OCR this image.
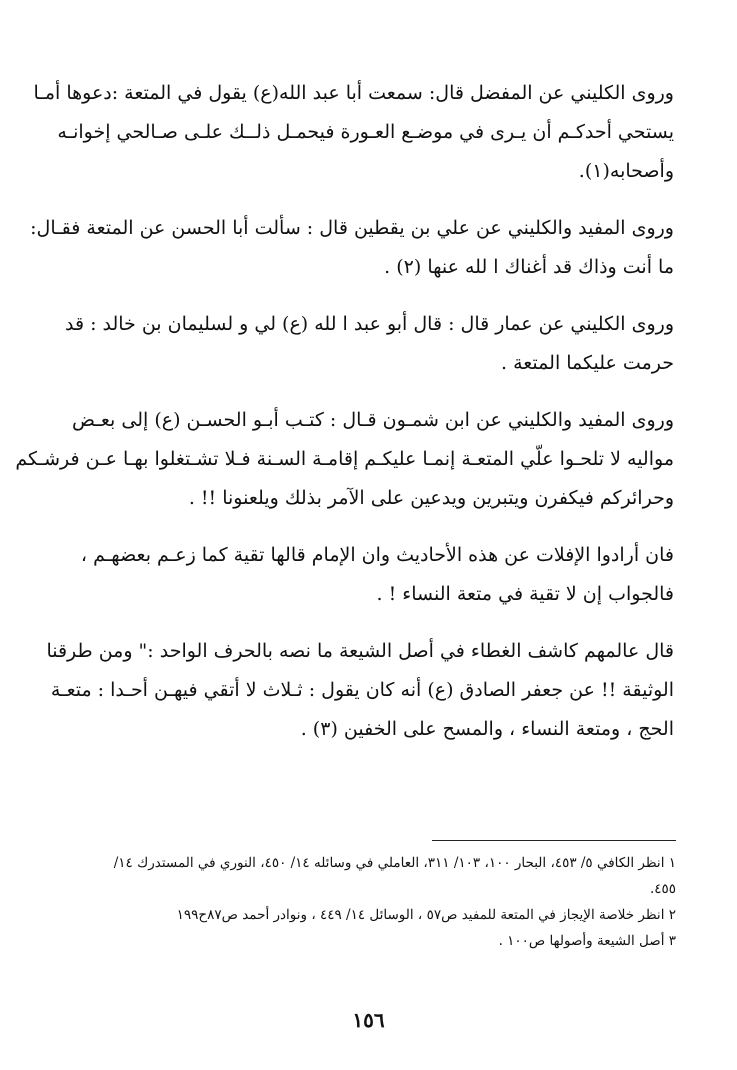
وروى الكليني عن المفضل قال: سمعت أبا عبد الله(ع) يقول في المتعة :دعوها أمـا
يستحي أحدكـم أن يـرى في موضـع العـورة فيحمـل ذلــك علـى صـالحي إخوانـه
وأصحابه(١).

وروى المفيد والكليني عن علي بن يقطين قال : سألت أبا الحسن عن المتعة فقـال:
ما أنت وذاك قد أغناك ا لله عنها (٢) .

وروى الكليني عن عمار قال : قال أبو عبد ا لله (ع) لي و لسليمان بن خالد : قد
حرمت عليكما المتعة .

وروى المفيد والكليني عن ابن شمـون قـال : كتـب أبـو الحسـن (ع) إلى بعـض
مواليه لا تلحـوا علّي المتعـة إنمـا عليكـم إقامـة السـنة فـلا تشـتغلوا بهـا عـن فرشـكم
وحرائركم فيكفرن ويتبرين ويدعين على الآمر بذلك ويلعنونا !! .

فان أرادوا الإفلات عن هذه الأحاديث وان الإمام قالها تقية كما زعـم بعضهـم ،
فالجواب إن لا تقية في متعة النساء ! .

قال عالمهم كاشف الغطاء في أصل الشيعة ما نصه بالحرف الواحد :" ومن طرقنا
الوثيقة !! عن جعفر الصادق (ع) أنه كان يقول : ثـلاث لا أتقي فيهـن أحـدا : متعـة
الحج ، ومتعة النساء ، والمسح على الخفين (٣) .

١ انظر الكافي ٥/ ٤٥٣، البحار ١٠٠، ١٠٣/ ٣١١، العاملي في وسائله ١٤/ ٤٥٠، النوري في المستدرك ١٤/
٤٥٥.
٢ انظر خلاصة الإيجاز في المتعة للمفيد ص٥٧ ، الوسائل ١٤/ ٤٤٩ ، ونوادر أحمد ص٨٧ح١٩٩
٣ أصل الشيعة وأصولها ص١٠٠ .
١٥٦
